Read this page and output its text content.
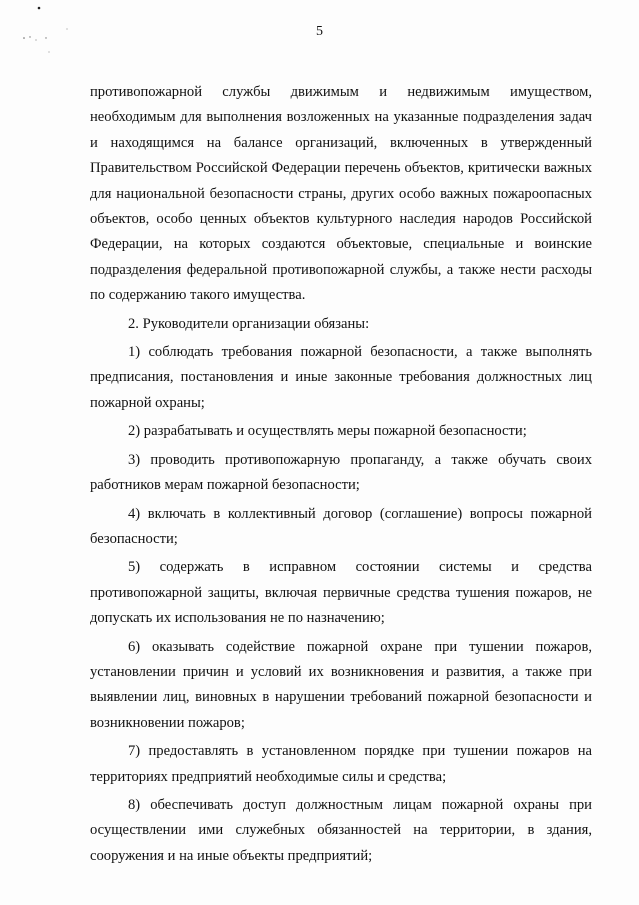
5

противопожарной службы движимым и недвижимым имуществом, необходимым для выполнения возложенных на указанные подразделения задач и находящимся на балансе организаций, включенных в утвержденный Правительством Российской Федерации перечень объектов, критически важных для национальной безопасности страны, других особо важных пожароопасных объектов, особо ценных объектов культурного наследия народов Российской Федерации, на которых создаются объектовые, специальные и воинские подразделения федеральной противопожарной службы, а также нести расходы по содержанию такого имущества.

2. Руководители организации обязаны:

1) соблюдать требования пожарной безопасности, а также выполнять предписания, постановления и иные законные требования должностных лиц пожарной охраны;

2) разрабатывать и осуществлять меры пожарной безопасности;

3) проводить противопожарную пропаганду, а также обучать своих работников мерам пожарной безопасности;

4) включать в коллективный договор (соглашение) вопросы пожарной безопасности;

5) содержать в исправном состоянии системы и средства противопожарной защиты, включая первичные средства тушения пожаров, не допускать их использования не по назначению;

6) оказывать содействие пожарной охране при тушении пожаров, установлении причин и условий их возникновения и развития, а также при выявлении лиц, виновных в нарушении требований пожарной безопасности и возникновении пожаров;

7) предоставлять в установленном порядке при тушении пожаров на территориях предприятий необходимые силы и средства;

8) обеспечивать доступ должностным лицам пожарной охраны при осуществлении ими служебных обязанностей на территории, в здания, сооружения и на иные объекты предприятий;
